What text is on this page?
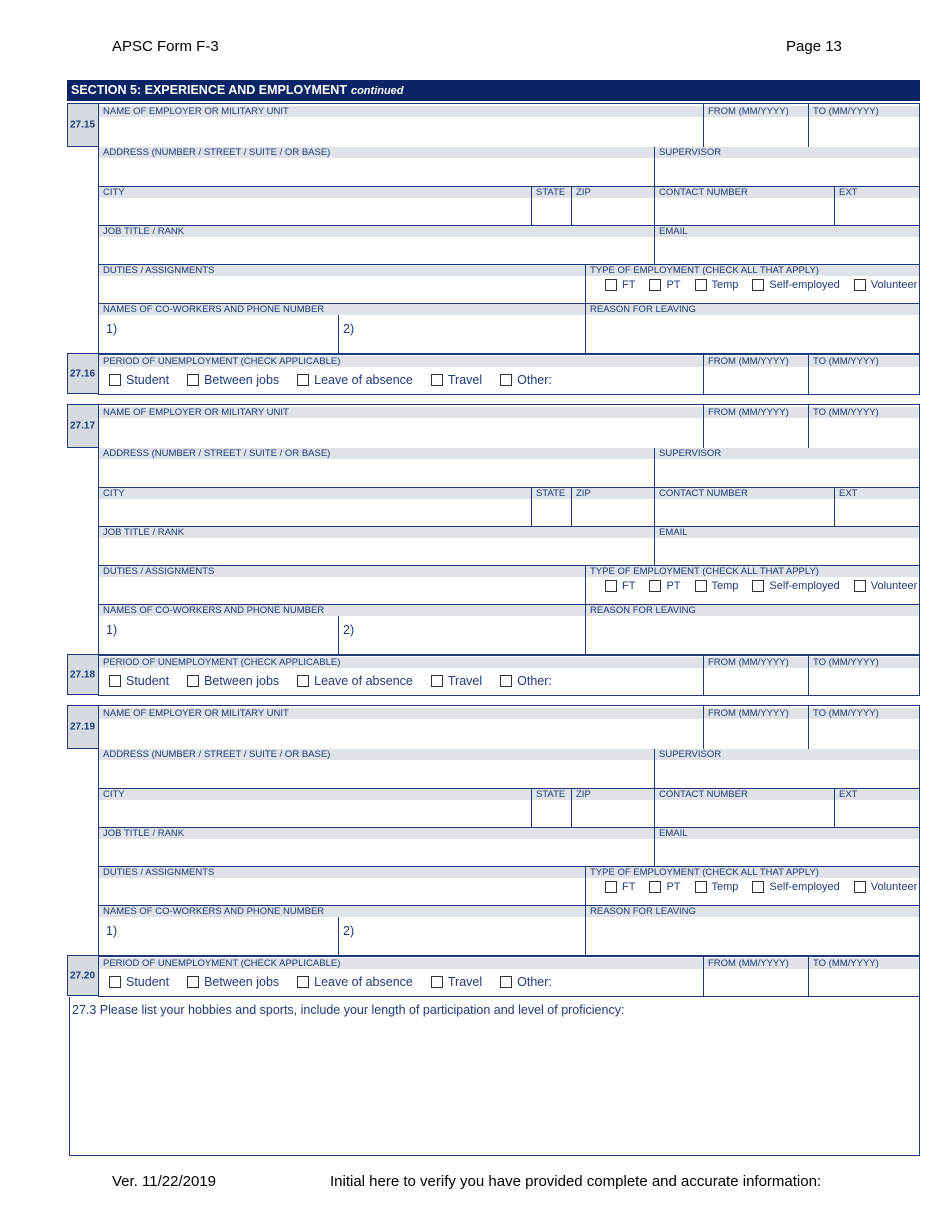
APSC Form F-3	Page 13
SECTION 5: EXPERIENCE AND EMPLOYMENT continued
27.15
27.16
NAME OF EMPLOYER OR MILITARY UNIT	FROM (MM/YYYY)	TO (MM/YYYY)
ADDRESS (NUMBER / STREET / SUITE / OR BASE)	SUPERVISOR
CITY	STATE	ZIP	CONTACT NUMBER	EXT
JOB TITLE / RANK	EMAIL
DUTIES / ASSIGNMENTS	TYPE OF EMPLOYMENT (CHECK ALL THAT APPLY)
FT	PT	Temp	Self-employed	Volunteer
NAMES OF CO-WORKERS AND PHONE NUMBER	REASON FOR LEAVING
1)	2)
PERIOD OF UNEMPLOYMENT (CHECK APPLICABLE)	FROM (MM/YYYY)	TO (MM/YYYY)
Student	Between jobs	Leave of absence	Travel	Other:
27.17
27.18
NAME OF EMPLOYER OR MILITARY UNIT	FROM (MM/YYYY)	TO (MM/YYYY)
ADDRESS (NUMBER / STREET / SUITE / OR BASE)	SUPERVISOR
CITY	STATE	ZIP	CONTACT NUMBER	EXT
JOB TITLE / RANK	EMAIL
DUTIES / ASSIGNMENTS	TYPE OF EMPLOYMENT (CHECK ALL THAT APPLY)
FT	PT	Temp	Self-employed	Volunteer
NAMES OF CO-WORKERS AND PHONE NUMBER	REASON FOR LEAVING
1)	2)
PERIOD OF UNEMPLOYMENT (CHECK APPLICABLE)	FROM (MM/YYYY)	TO (MM/YYYY)
Student	Between jobs	Leave of absence	Travel	Other:
27.19
27.20
NAME OF EMPLOYER OR MILITARY UNIT	FROM (MM/YYYY)	TO (MM/YYYY)
ADDRESS (NUMBER / STREET / SUITE / OR BASE)	SUPERVISOR
CITY	STATE	ZIP	CONTACT NUMBER	EXT
JOB TITLE / RANK	EMAIL
DUTIES / ASSIGNMENTS	TYPE OF EMPLOYMENT (CHECK ALL THAT APPLY)
FT	PT	Temp	Self-employed	Volunteer
NAMES OF CO-WORKERS AND PHONE NUMBER	REASON FOR LEAVING
1)	2)
PERIOD OF UNEMPLOYMENT (CHECK APPLICABLE)	FROM (MM/YYYY)	TO (MM/YYYY)
Student	Between jobs	Leave of absence	Travel	Other:
27.3 Please list your hobbies and sports, include your length of participation and level of proficiency:
Ver. 11/22/2019	Initial here to verify you have provided complete and accurate information:
